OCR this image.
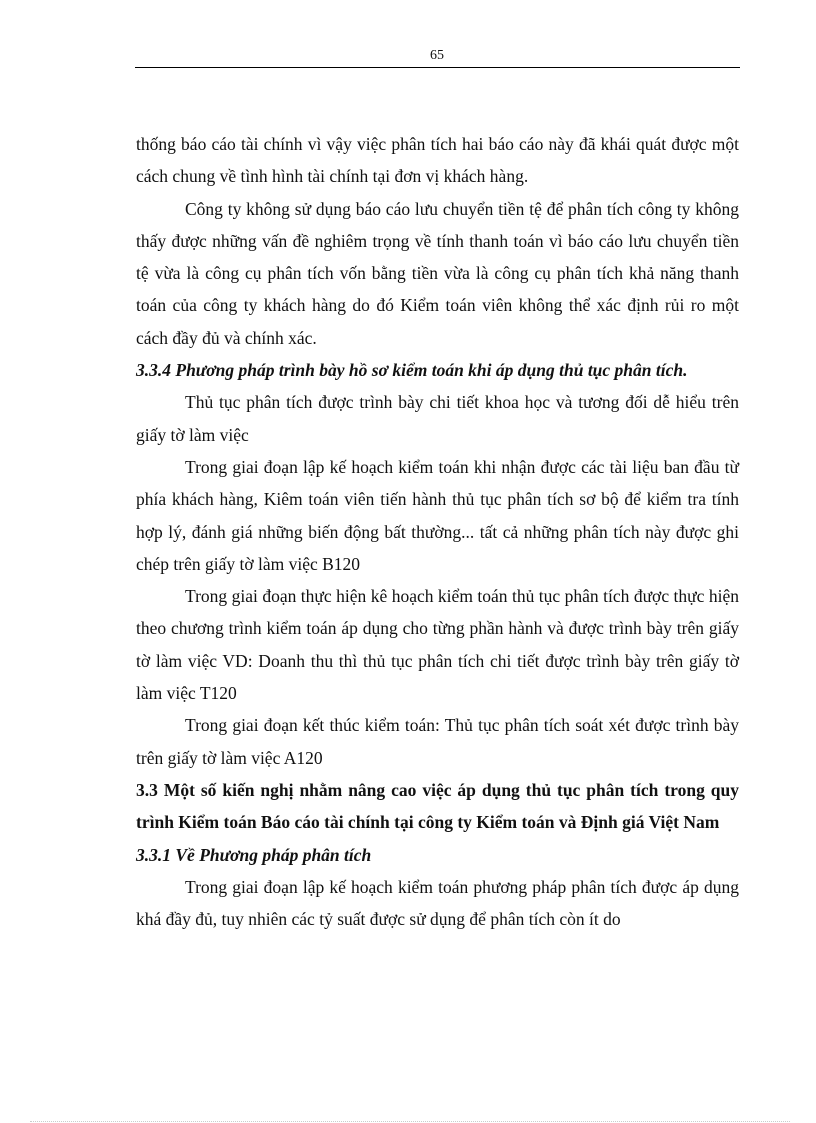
65

thống báo cáo tài chính vì vậy việc phân tích hai báo cáo này đã khái quát được một cách chung về tình hình tài chính tại đơn vị khách hàng.

Công ty không sử dụng báo cáo lưu chuyển tiền tệ để phân tích công ty không thấy được những vấn đề nghiêm trọng về tính thanh toán vì báo cáo lưu chuyển tiền tệ vừa là công cụ phân tích vốn bằng tiền vừa là công cụ phân tích khả năng thanh toán của công ty khách hàng do đó Kiểm toán viên không thể xác định rủi ro một cách đầy đủ và chính xác.

3.3.4 Phương pháp trình bày hồ sơ kiểm toán khi áp dụng thủ tục phân tích.

Thủ tục phân tích được trình bày chi tiết khoa học và tương đối dễ hiểu trên giấy tờ làm việc

Trong giai đoạn lập kế hoạch kiểm toán khi nhận được các tài liệu ban đầu từ phía khách hàng, Kiêm toán viên tiến hành thủ tục phân tích sơ bộ để kiểm tra tính hợp lý, đánh giá những biến động bất thường... tất cả những phân tích này được ghi chép trên giấy tờ làm việc B120

Trong giai đoạn thực hiện kê hoạch kiểm toán thủ tục phân tích được thực hiện theo chương trình kiểm toán áp dụng cho từng phần hành và được trình bày trên giấy tờ làm việc VD: Doanh thu thì thủ tục phân tích chi tiết được trình bày trên giấy tờ làm việc T120

Trong giai đoạn kết thúc kiểm toán: Thủ tục phân tích soát xét được trình bày trên giấy tờ làm việc A120

3.3 Một số kiến nghị nhằm nâng cao việc áp dụng thủ tục phân tích trong quy trình Kiểm toán Báo cáo tài chính tại công ty Kiểm toán và Định giá Việt Nam

3.3.1 Về Phương pháp phân tích

Trong giai đoạn lập kế hoạch kiểm toán phương pháp phân tích được áp dụng khá đầy đủ, tuy nhiên các tỷ suất được sử dụng để phân tích còn ít do
